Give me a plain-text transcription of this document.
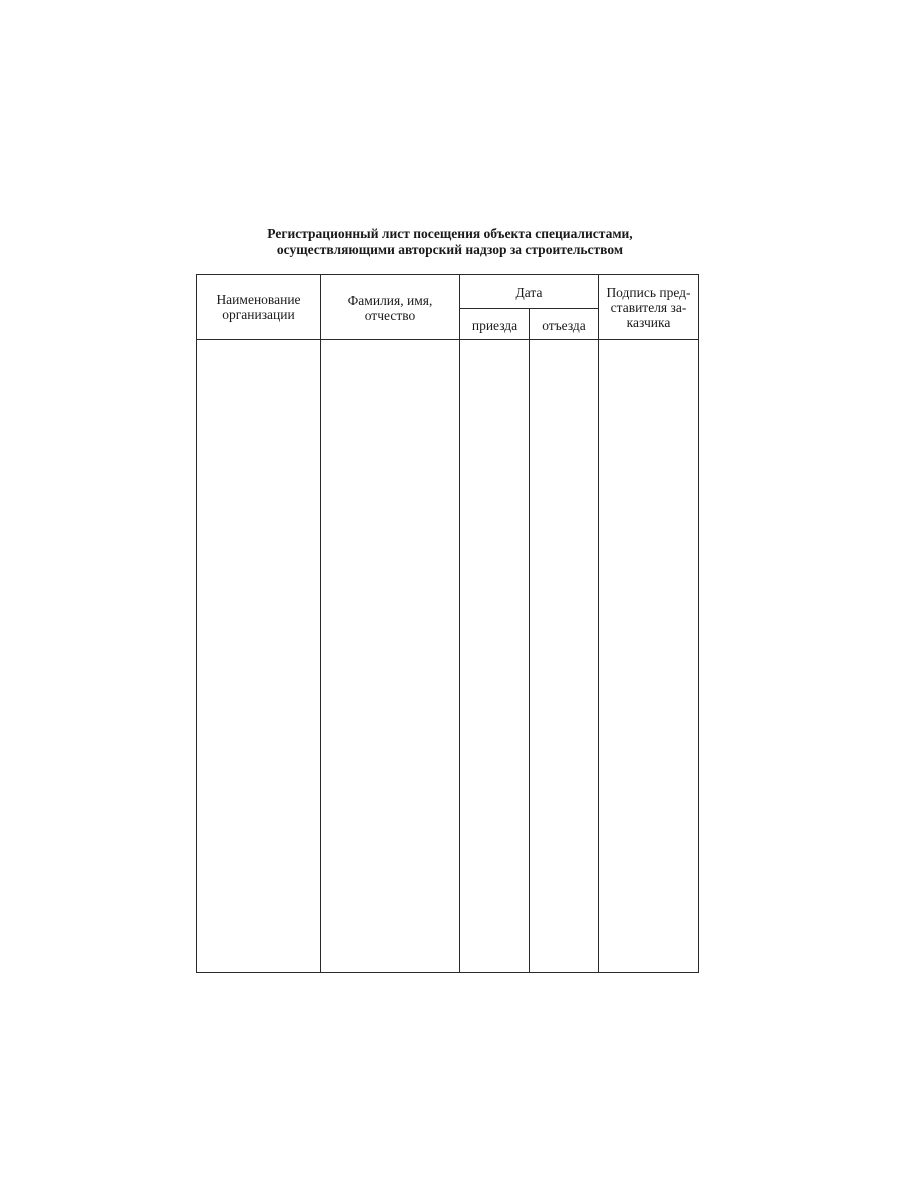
Регистрационный лист посещения объекта специалистами,
осуществляющими авторский надзор за строительством
Наименование
организации
Фамилия, имя,
отчество
Дата
приезда	отъезда
Подпись пред-
ставителя за-
казчика
